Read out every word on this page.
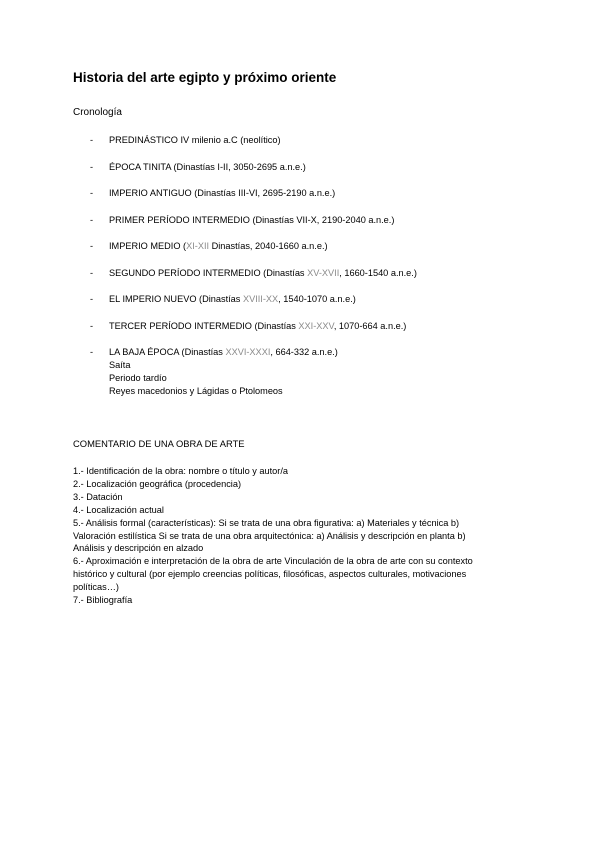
Historia del arte egipto y próximo oriente

Cronología

- PREDINÁSTICO IV milenio a.C (neolítico)
- ÉPOCA TINITA (Dinastías I-II, 3050-2695 a.n.e.)
- IMPERIO ANTIGUO (Dinastías III-VI, 2695-2190 a.n.e.)
- PRIMER PERÍODO INTERMEDIO (Dinastías VII-X, 2190-2040 a.n.e.)
- IMPERIO MEDIO (XI-XII Dinastías, 2040-1660 a.n.e.)
- SEGUNDO PERÍODO INTERMEDIO (Dinastías XV-XVII, 1660-1540 a.n.e.)
- EL IMPERIO NUEVO (Dinastías XVIII-XX, 1540-1070 a.n.e.)
- TERCER PERÍODO INTERMEDIO (Dinastías XXI-XXV, 1070-664 a.n.e.)
- LA BAJA ÉPOCA (Dinastías XXVI-XXXI, 664-332 a.n.e.)
Saíta
Periodo tardío
Reyes macedonios y Lágidas o Ptolomeos

COMENTARIO DE UNA OBRA DE ARTE

1.- Identificación de la obra: nombre o título y autor/a
2.- Localización geográfica (procedencia)
3.- Datación
4.- Localización actual
5.- Análisis formal (características): Si se trata de una obra figurativa: a) Materiales y técnica b)
Valoración estilística Si se trata de una obra arquitectónica: a) Análisis y descripción en planta b)
Análisis y descripción en alzado
6.- Aproximación e interpretación de la obra de arte Vinculación de la obra de arte con su contexto
histórico y cultural (por ejemplo creencias políticas, filosóficas, aspectos culturales, motivaciones
políticas…)
7.- Bibliografía
